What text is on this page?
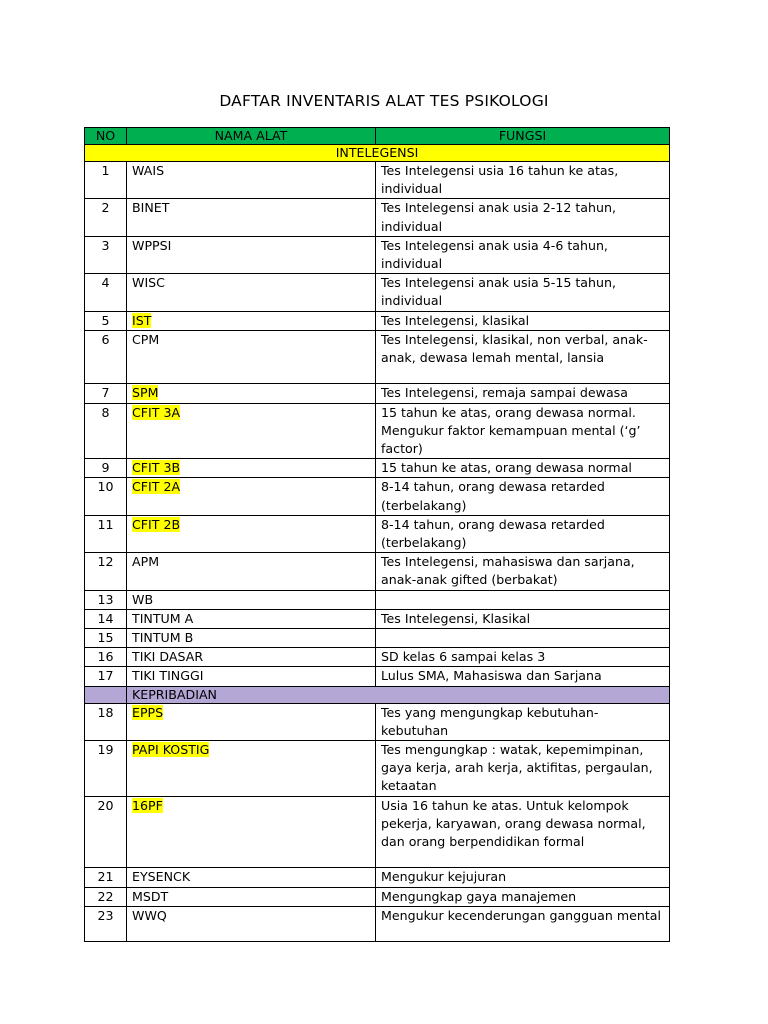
DAFTAR INVENTARIS ALAT TES PSIKOLOGI
NO	NAMA ALAT	FUNGSI
INTELEGENSI		
1	WAIS	Tes Intelegensi usia 16 tahun ke atas, individual
2	BINET	Tes Intelegensi anak usia 2-12 tahun, individual
3	WPPSI	Tes Intelegensi anak usia 4-6 tahun, individual
4	WISC	Tes Intelegensi anak usia 5-15 tahun, individual
5	IST	Tes Intelegensi, klasikal
6	CPM	Tes Intelegensi, klasikal, non verbal, anak-anak, dewasa lemah mental, lansia
7	SPM	Tes Intelegensi, remaja sampai dewasa
8	CFIT 3A	15 tahun ke atas, orang dewasa normal. Mengukur faktor kemampuan mental (‘g’ factor)
9	CFIT 3B	15 tahun ke atas, orang dewasa normal
10	CFIT 2A	8-14 tahun, orang dewasa retarded (terbelakang)
11	CFIT 2B	8-14 tahun, orang dewasa retarded (terbelakang)
12	APM	Tes Intelegensi, mahasiswa dan sarjana, anak-anak gifted (berbakat)
13	WB	
14	TINTUM A	Tes Intelegensi, Klasikal
15	TINTUM B	
16	TIKI DASAR	SD kelas 6 sampai kelas 3
17	TIKI TINGGI	Lulus SMA, Mahasiswa dan Sarjana
	KEPRIBADIAN	
18	EPPS	Tes yang mengungkap kebutuhan-kebutuhan
19	PAPI KOSTIG	Tes mengungkap : watak, kepemimpinan, gaya kerja, arah kerja, aktifitas, pergaulan, ketaatan
20	16PF	Usia 16 tahun ke atas. Untuk kelompok pekerja, karyawan, orang dewasa normal, dan orang berpendidikan formal
21	EYSENCK	Mengukur kejujuran
22	MSDT	Mengungkap gaya manajemen
23	WWQ	Mengukur kecenderungan gangguan mental
